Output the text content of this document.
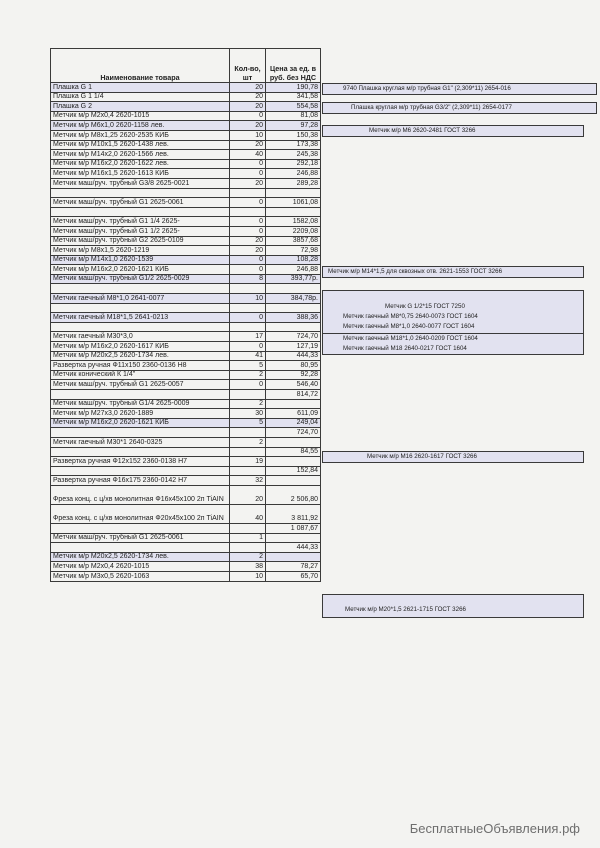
Наименование товара	Кол-во, шт	Цена за ед. в руб. без НДС
Плашка G 1	20	190,78
Плашка G 1 1/4	20	341,58
Плашка G 2	20	554,58
Метчик м/р М2х0,4 2620-1015	0	81,08
Метчик м/р М6х1,0 2620-1158 лев.	20	97,28
Метчик м/р М8х1,25 2620-2535 КИБ	10	150,38
Метчик м/р М10х1,5 2620-1438 лев.	20	173,38
Метчик м/р М14х2,0 2620-1566 лев.	40	245,38
Метчик м/р М16х2,0 2620-1622 лев.	0	292,18
Метчик м/р М16х1,5 2620-1613 КИБ	0	246,88
Метчик маш/руч. трубный G3/8 2625-0021	20	289,28

Метчик маш/руч. трубный G1 2625-0061	0	1061,08

Метчик маш/руч. трубный G1 1/4 2625-	0	1582,08
Метчик маш/руч. трубный G1 1/2 2625-	0	2209,08
Метчик маш/руч. трубный G2 2625-0109	20	3857,68
Метчик м/р М8х1,5 2620-1219	20	72,98
Метчик м/р М14х1,0 2620-1539	0	108,28
Метчик м/р М16х2,0 2620-1621 КИБ	0	246,88
Метчик маш/руч. трубный G1/2 2625-0029	8	393,77р.

Метчик гаечный М8*1,0 2641-0077	10	384,78р.

Метчик гаечный М18*1,5 2641-0213	0	388,36

Метчик гаечный М30*3,0	17	724,70
Метчик м/р М16х2,0 2620-1617 КИБ	0	127,19
Метчик м/р М20х2,5 2620-1734 лев.	41	444,33
Развертка ручная Ф11х150 2360-0136 Н8	5	80,95
Метчик конический К 1/4"	2	92,28
Метчик маш/руч. трубный G1 2625-0057	0	546,40
		814,72
Метчик маш/руч. трубный G1/4 2625-0009	2	
Метчик м/р М27х3,0 2620-1889	30	611,09
Метчик м/р М16х2,0 2620-1621 КИБ	5	249,04
		724,70
Метчик гаечный М30*1 2640-0325	2	
		84,55
Развертка ручная Ф12х152 2360-0138 Н7	19	
		152,84
Развертка ручная Ф16х175 2360-0142 Н7	32	
Фреза конц. с ц/хв монолитная Ф16х45х100 2п TiAIN	20	2 506,80
Фреза конц. с ц/хв монолитная Ф20х45х100 2п TiAIN	40	3 811,92
		1 087,67
Метчик маш/руч. трубный G1 2625-0061	1	
		444,33
Метчик м/р М20х2,5 2620-1734 лев.	2	
Метчик м/р М2х0,4 2620-1015	38	78,27
Метчик м/р М3х0,5 2620-1063	10	65,70
9740 Плашка круглая м/р трубная G1" (2,309*11) 2654-016
Плашка круглая м/р трубная G3/2" (2,309*11) 2654-0177
Метчик м/р М6 2620-2481 ГОСТ 3266
Метчик м/р М14*1,5 для сквозных отв. 2621-1553 ГОСТ 3266
Метчик G 1/2*15 ГОСТ 7250
Метчик гаечный М8*0,75 2640-0073 ГОСТ 1604
Метчик гаечный М8*1,0 2640-0077 ГОСТ 1604
Метчик гаечный М18*1,0 2640-0209 ГОСТ 1604
Метчик гаечный М18 2640-0217 ГОСТ 1604
Метчик м/р М16 2620-1617 ГОСТ 3266
Метчик м/р М20*1,5 2621-1715 ГОСТ 3266
БесплатныеОбъявления.рф
